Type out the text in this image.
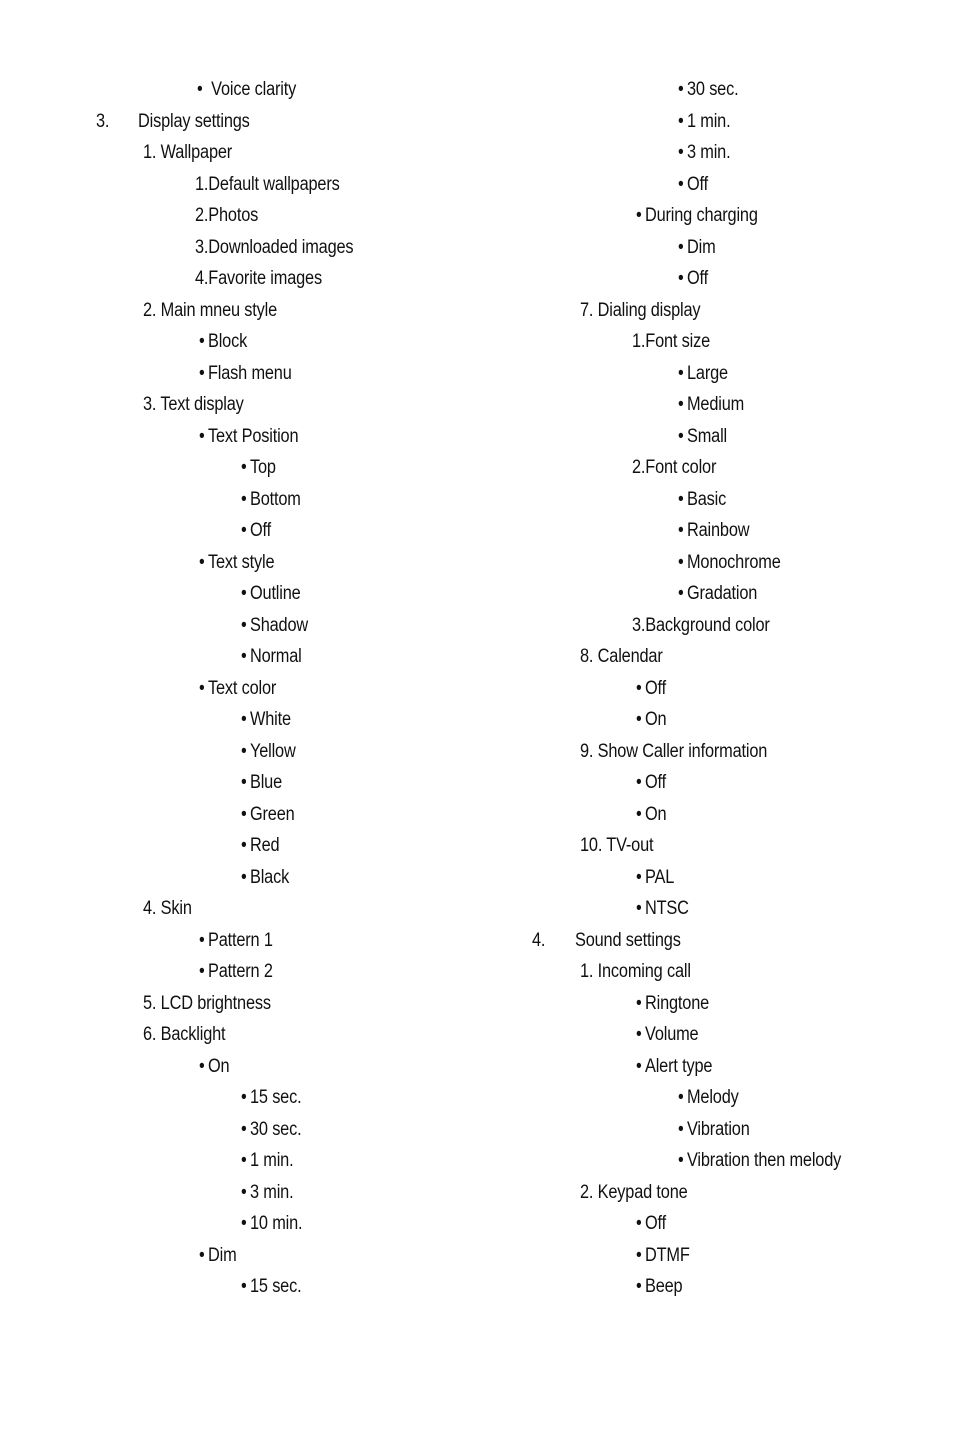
• Voice clarity
3. Display settings
1. Wallpaper
1.Default wallpapers
2.Photos
3.Downloaded images
4.Favorite images
2. Main mneu style
• Block
• Flash menu
3. Text display
• Text Position
• Top
• Bottom
• Off
• Text style
• Outline
• Shadow
• Normal
• Text color
• White
• Yellow
• Blue
• Green
• Red
• Black
4. Skin
• Pattern 1
• Pattern 2
5. LCD brightness
6. Backlight
• On
• 15 sec.
• 30 sec.
• 1 min.
• 3 min.
• 10 min.
• Dim
• 15 sec.
• 30 sec.
• 1 min.
• 3 min.
• Off
• During charging
• Dim
• Off
7. Dialing display
1.Font size
• Large
• Medium
• Small
2.Font color
• Basic
• Rainbow
• Monochrome
• Gradation
3.Background color
8. Calendar
• Off
• On
9. Show Caller information
• Off
• On
10. TV-out
• PAL
• NTSC
4. Sound settings
1. Incoming call
• Ringtone
• Volume
• Alert type
• Melody
• Vibration
• Vibration then melody
2. Keypad tone
• Off
• DTMF
• Beep
